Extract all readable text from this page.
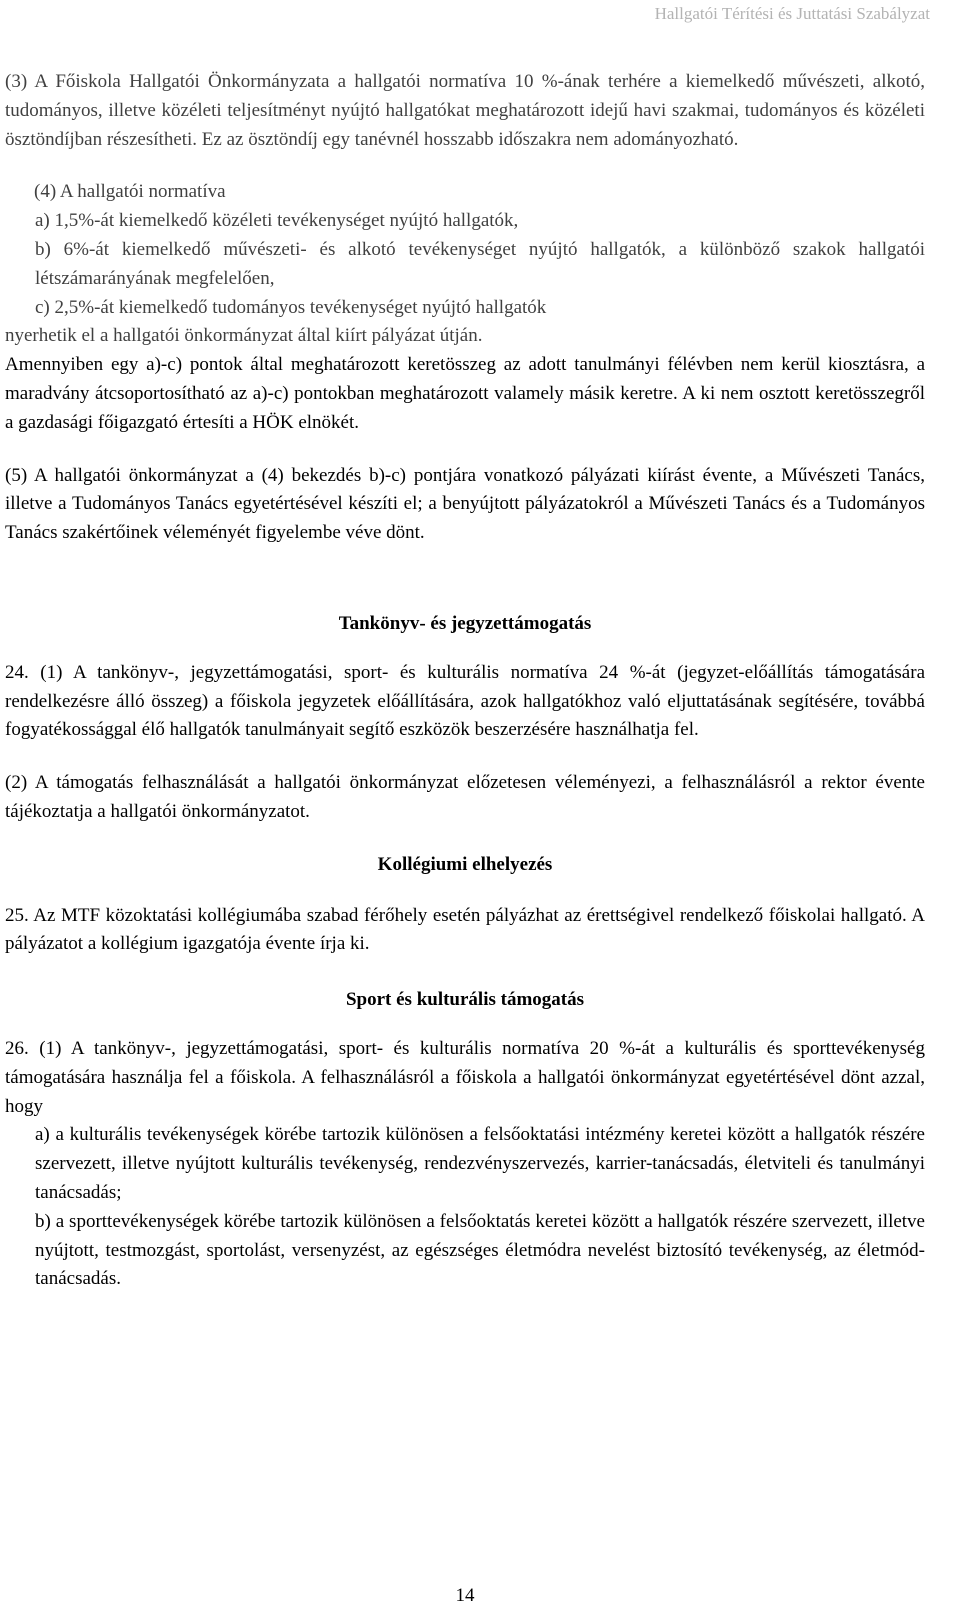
Hallgatói Térítési és Juttatási Szabályzat

(3) A Főiskola Hallgatói Önkormányzata a hallgatói normatíva 10 %-ának terhére a kiemelkedő művészeti, alkotó, tudományos, illetve közéleti teljesítményt nyújtó hallgatókat meghatározott idejű havi szakmai, tudományos és közéleti ösztöndíjban részesítheti. Ez az ösztöndíj egy tanévnél hosszabb időszakra nem adományozható.

(4) A hallgatói normatíva

a) 1,5%-át kiemelkedő közéleti tevékenységet nyújtó hallgatók,

b) 6%-át kiemelkedő művészeti- és alkotó tevékenységet nyújtó hallgatók, a különböző szakok hallgatói létszámarányának megfelelően,

c) 2,5%-át kiemelkedő tudományos tevékenységet nyújtó hallgatók

nyerhetik el a hallgatói önkormányzat által kiírt pályázat útján.

Amennyiben egy a)-c) pontok által meghatározott keretösszeg az adott tanulmányi félévben nem kerül kiosztásra, a maradvány átcsoportosítható az a)-c) pontokban meghatározott valamely másik keretre. A ki nem osztott keretösszegről a gazdasági főigazgató értesíti a HÖK elnökét.

(5) A hallgatói önkormányzat a (4) bekezdés b)-c) pontjára vonatkozó pályázati kiírást évente, a Művészeti Tanács, illetve a Tudományos Tanács egyetértésével készíti el; a benyújtott pályázatokról a Művészeti Tanács és a Tudományos Tanács szakértőinek véleményét figyelembe véve dönt.

Tankönyv- és jegyzettámogatás

24. (1) A tankönyv-, jegyzettámogatási, sport- és kulturális normatíva 24 %-át (jegyzet-előállítás támogatására rendelkezésre álló összeg) a főiskola jegyzetek előállítására, azok hallgatókhoz való eljuttatásának segítésére, továbbá fogyatékossággal élő hallgatók tanulmányait segítő eszközök beszerzésére használhatja fel.

(2) A támogatás felhasználását a hallgatói önkormányzat előzetesen véleményezi, a felhasználásról a rektor évente tájékoztatja a hallgatói önkormányzatot.

Kollégiumi elhelyezés

25. Az MTF közoktatási kollégiumába szabad férőhely esetén pályázhat az érettségivel rendelkező főiskolai hallgató. A pályázatot a kollégium igazgatója évente írja ki.

Sport és kulturális támogatás

26. (1) A tankönyv-, jegyzettámogatási, sport- és kulturális normatíva 20 %-át a kulturális és sporttevékenység támogatására használja fel a főiskola. A felhasználásról a főiskola a hallgatói önkormányzat egyetértésével dönt azzal, hogy

a) a kulturális tevékenységek körébe tartozik különösen a felsőoktatási intézmény keretei között a hallgatók részére szervezett, illetve nyújtott kulturális tevékenység, rendezvényszervezés, karrier-tanácsadás, életviteli és tanulmányi tanácsadás;

b) a sporttevékenységek körébe tartozik különösen a felsőoktatás keretei között a hallgatók részére szervezett, illetve nyújtott, testmozgást, sportolást, versenyzést, az egészséges életmódra nevelést biztosító tevékenység, az életmód-tanácsadás.

14
